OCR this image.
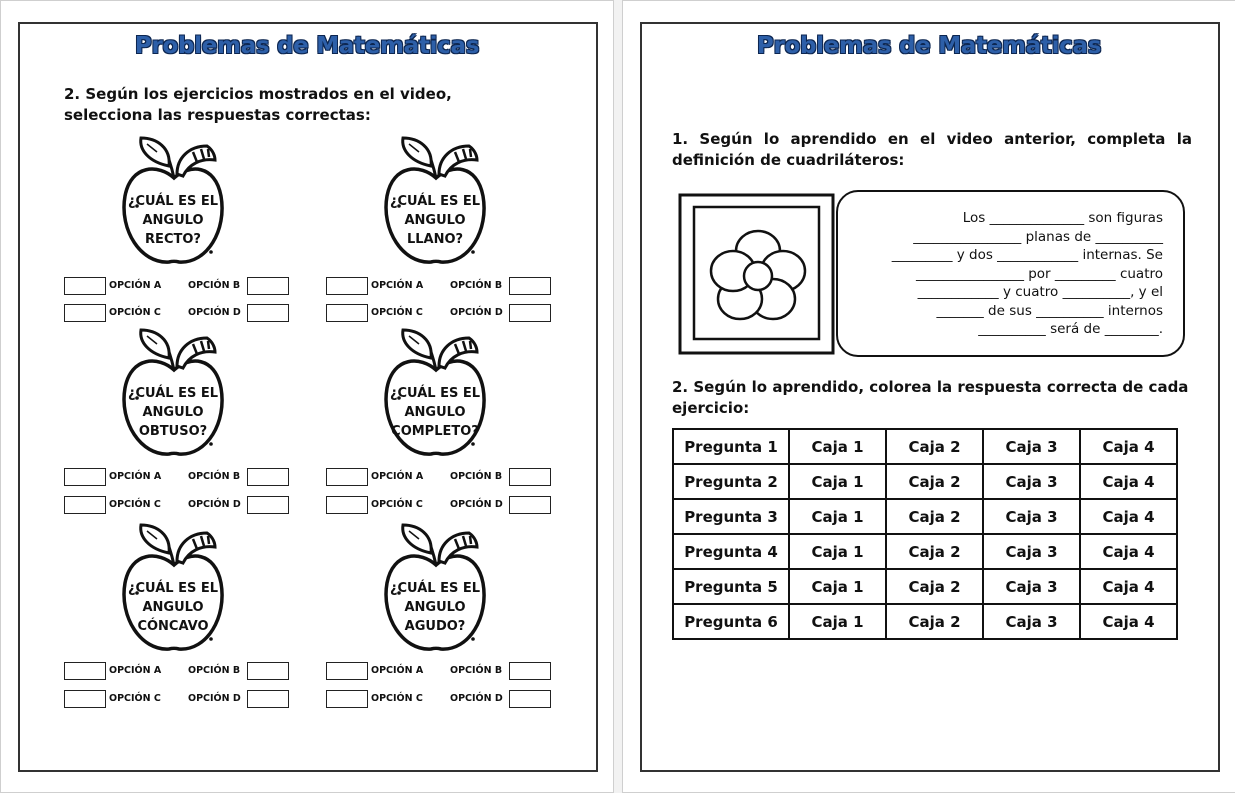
Problemas de Matemáticas
2. Según los ejercicios mostrados en el video, selecciona las respuestas correctas:
¿CUÁL ES EL
ANGULO
RECTO?
¿CUÁL ES EL
ANGULO
LLANO?
¿CUÁL ES EL
ANGULO
OBTUSO?
¿CUÁL ES EL
ANGULO
COMPLETO?
¿CUÁL ES EL
ANGULO
CÓNCAVO
¿CUÁL ES EL
ANGULO
AGUDO?
OPCIÓN A	OPCIÓN B
OPCIÓN C	OPCIÓN D
OPCIÓN A	OPCIÓN B
OPCIÓN C	OPCIÓN D
OPCIÓN A	OPCIÓN B
OPCIÓN C	OPCIÓN D
OPCIÓN A	OPCIÓN B
OPCIÓN C	OPCIÓN D
OPCIÓN A	OPCIÓN B
OPCIÓN C	OPCIÓN D
OPCIÓN A	OPCIÓN B
OPCIÓN C	OPCIÓN D
Problemas de Matemáticas
1. Según lo aprendido en el video anterior, completa la definición de cuadriláteros:
Los ______________ son figuras
________________ planas de __________
_________ y dos ____________ internas. Se
________________ por _________ cuatro
____________ y cuatro __________, y el
_______ de sus __________ internos
__________ será de ________.
2. Según lo aprendido, colorea la respuesta correcta de cada ejercicio:
Pregunta 1	Caja 1	Caja 2	Caja 3	Caja 4
Pregunta 2	Caja 1	Caja 2	Caja 3	Caja 4
Pregunta 3	Caja 1	Caja 2	Caja 3	Caja 4
Pregunta 4	Caja 1	Caja 2	Caja 3	Caja 4
Pregunta 5	Caja 1	Caja 2	Caja 3	Caja 4
Pregunta 6	Caja 1	Caja 2	Caja 3	Caja 4
